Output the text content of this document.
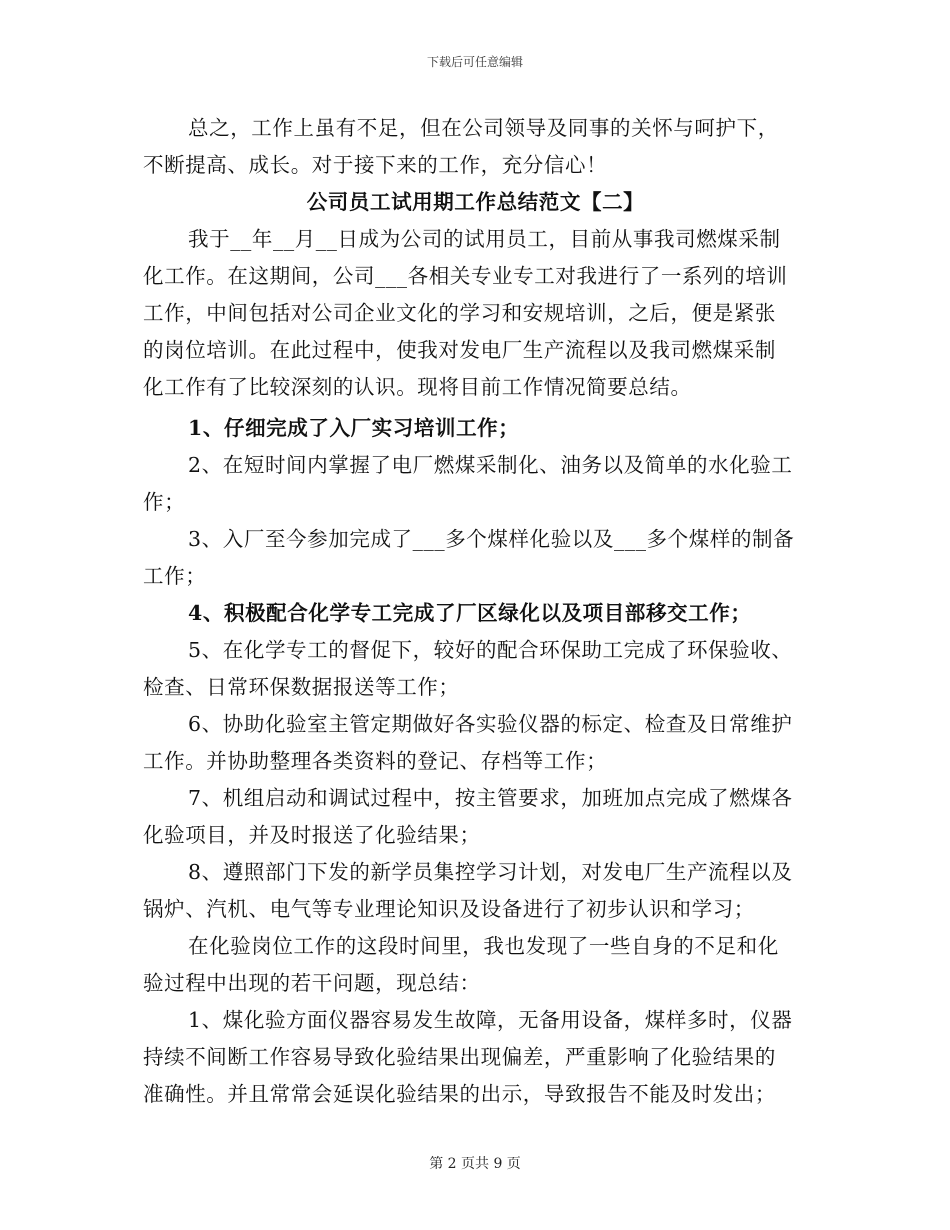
下载后可任意编辑
总之，工作上虽有不足，但在公司领导及同事的关怀与呵护下，
不断提高、成长。对于接下来的工作，充分信心！
公司员工试用期工作总结范文【二】
我于__年__月__日成为公司的试用员工，目前从事我司燃煤采制
化工作。在这期间，公司___各相关专业专工对我进行了一系列的培训
工作，中间包括对公司企业文化的学习和安规培训，之后，便是紧张
的岗位培训。在此过程中，使我对发电厂生产流程以及我司燃煤采制
化工作有了比较深刻的认识。现将目前工作情况简要总结。
1、仔细完成了入厂实习培训工作；
2、在短时间内掌握了电厂燃煤采制化、油务以及简单的水化验工
作；
3、入厂至今参加完成了___多个煤样化验以及___多个煤样的制备
工作；
4、积极配合化学专工完成了厂区绿化以及项目部移交工作；
5、在化学专工的督促下，较好的配合环保助工完成了环保验收、
检查、日常环保数据报送等工作；
6、协助化验室主管定期做好各实验仪器的标定、检查及日常维护
工作。并协助整理各类资料的登记、存档等工作；
7、机组启动和调试过程中，按主管要求，加班加点完成了燃煤各
化验项目，并及时报送了化验结果；
8、遵照部门下发的新学员集控学习计划，对发电厂生产流程以及
锅炉、汽机、电气等专业理论知识及设备进行了初步认识和学习；
在化验岗位工作的这段时间里，我也发现了一些自身的不足和化
验过程中出现的若干问题，现总结：
1、煤化验方面仪器容易发生故障，无备用设备，煤样多时，仪器
持续不间断工作容易导致化验结果出现偏差，严重影响了化验结果的
准确性。并且常常会延误化验结果的出示，导致报告不能及时发出；
第 2 页共 9 页
